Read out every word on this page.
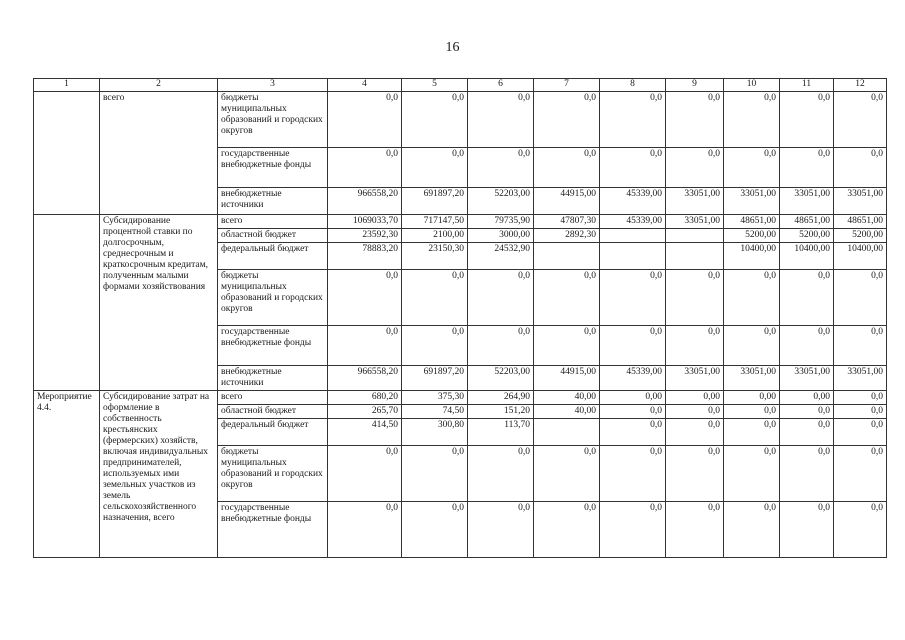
16
1	2	3	4	5	6	7	8	9	10	11	12
	всего	бюджеты муниципальных образований и городских округов	0,0	0,0	0,0	0,0	0,0	0,0	0,0	0,0	0,0
		государственные внебюджетные фонды	0,0	0,0	0,0	0,0	0,0	0,0	0,0	0,0	0,0
		внебюджетные источники	966558,20	691897,20	52203,00	44915,00	45339,00	33051,00	33051,00	33051,00	33051,00
	Субсидирование процентной ставки по долгосрочным, среднесрочным и краткосрочным кредитам, полученным малыми формами хозяйствования	всего	1069033,70	717147,50	79735,90	47807,30	45339,00	33051,00	48651,00	48651,00	48651,00
		областной бюджет	23592,30	2100,00	3000,00	2892,30			5200,00	5200,00	5200,00
		федеральный бюджет	78883,20	23150,30	24532,90				10400,00	10400,00	10400,00
		бюджеты муниципальных образований и городских округов	0,0	0,0	0,0	0,0	0,0	0,0	0,0	0,0	0,0
		государственные внебюджетные фонды	0,0	0,0	0,0	0,0	0,0	0,0	0,0	0,0	0,0
		внебюджетные источники	966558,20	691897,20	52203,00	44915,00	45339,00	33051,00	33051,00	33051,00	33051,00
Мероприятие 4.4.	Субсидирование затрат на оформление в собственность крестьянских (фермерских) хозяйств, включая индивидуальных предпринимателей, используемых ими земельных участков из земель сельскохозяйственного назначения, всего	всего	680,20	375,30	264,90	40,00	0,00	0,00	0,00	0,00	0,0
		областной бюджет	265,70	74,50	151,20	40,00	0,0	0,0	0,0	0,0	0,0
		федеральный бюджет	414,50	300,80	113,70		0,0	0,0	0,0	0,0	0,0
		бюджеты муниципальных образований и городских округов	0,0	0,0	0,0	0,0	0,0	0,0	0,0	0,0	0,0
		государственные внебюджетные фонды	0,0	0,0	0,0	0,0	0,0	0,0	0,0	0,0	0,0
